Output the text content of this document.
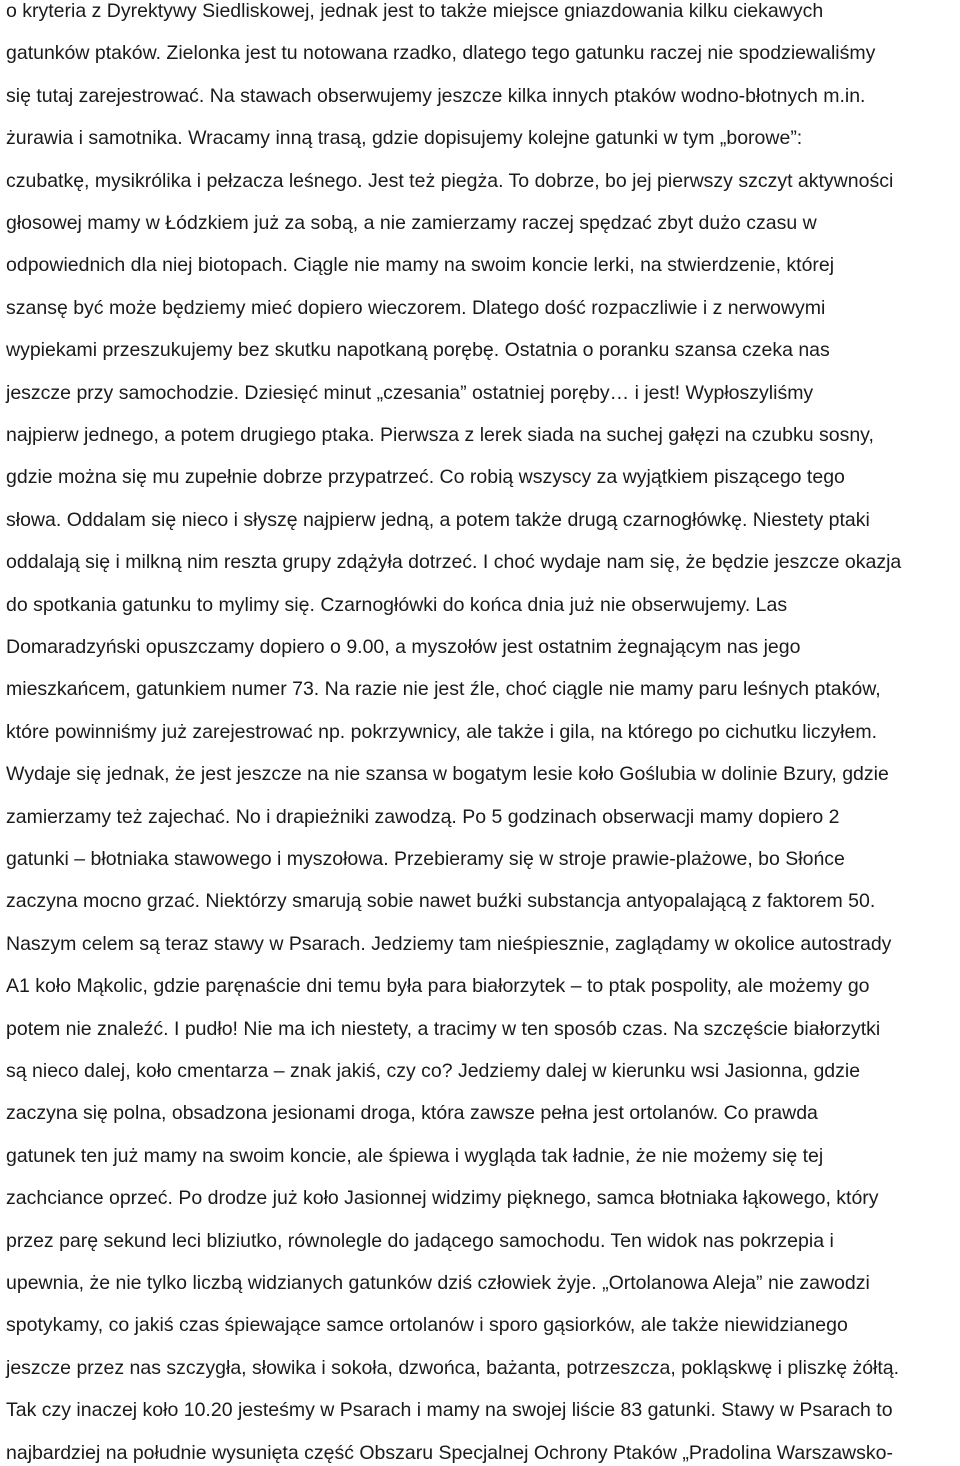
o kryteria z Dyrektywy Siedliskowej, jednak jest to także miejsce gniazdowania kilku ciekawych
gatunków ptaków. Zielonka jest tu notowana rzadko, dlatego tego gatunku raczej nie spodziewaliśmy
się tutaj zarejestrować. Na stawach obserwujemy jeszcze kilka innych ptaków wodno-błotnych m.in.
żurawia i samotnika. Wracamy inną trasą, gdzie dopisujemy kolejne gatunki w tym „borowe”:
czubatkę, mysikrólika i pełzacza leśnego. Jest też piegża. To dobrze, bo jej pierwszy szczyt aktywności
głosowej mamy w Łódzkiem już za sobą, a nie zamierzamy raczej spędzać zbyt dużo czasu w
odpowiednich dla niej biotopach. Ciągle nie mamy na swoim koncie lerki, na stwierdzenie, której
szansę być może będziemy mieć dopiero wieczorem. Dlatego dość rozpaczliwie i z nerwowymi
wypiekami przeszukujemy bez skutku napotkaną porębę. Ostatnia o poranku szansa czeka nas
jeszcze przy samochodzie. Dziesięć minut „czesania” ostatniej poręby… i jest! Wypłoszyliśmy
najpierw jednego, a potem drugiego ptaka. Pierwsza z lerek siada na suchej gałęzi na czubku sosny,
gdzie można się mu zupełnie dobrze przypatrzeć. Co robią wszyscy za wyjątkiem piszącego tego
słowa. Oddalam się nieco i słyszę najpierw jedną, a potem także drugą czarnogłówkę. Niestety ptaki
oddalają się i milkną nim reszta grupy zdążyła dotrzeć. I choć wydaje nam się, że będzie jeszcze okazja
do spotkania gatunku to mylimy się. Czarnogłówki do końca dnia już nie obserwujemy. Las
Domaradzyński opuszczamy dopiero o 9.00, a myszołów jest ostatnim żegnającym nas jego
mieszkańcem, gatunkiem numer 73. Na razie nie jest źle, choć ciągle nie mamy paru leśnych ptaków,
które powinniśmy już zarejestrować np. pokrzywnicy, ale także i gila, na którego po cichutku liczyłem.
Wydaje się jednak, że jest jeszcze na nie szansa w bogatym lesie koło Goślubia w dolinie Bzury, gdzie
zamierzamy też zajechać. No i drapieżniki zawodzą. Po 5 godzinach obserwacji mamy dopiero 2
gatunki – błotniaka stawowego i myszołowa. Przebieramy się w stroje prawie-plażowe, bo Słońce
zaczyna mocno grzać. Niektórzy smarują sobie nawet buźki substancja antyopalającą z faktorem 50.
Naszym celem są teraz stawy w Psarach. Jedziemy tam nieśpiesznie, zaglądamy w okolice autostrady
A1 koło Mąkolic, gdzie paręnaście dni temu była para białorzytek – to ptak pospolity, ale możemy go
potem nie znaleźć. I pudło! Nie ma ich niestety, a tracimy w ten sposób czas. Na szczęście białorzytki
są nieco dalej, koło cmentarza – znak jakiś, czy co? Jedziemy dalej w kierunku wsi Jasionna, gdzie
zaczyna się polna, obsadzona jesionami droga, która zawsze pełna jest ortolanów. Co prawda
gatunek ten już mamy na swoim koncie, ale śpiewa i wygląda tak ładnie, że nie możemy się tej
zachciance oprzeć. Po drodze już koło Jasionnej widzimy pięknego, samca błotniaka łąkowego, który
przez parę sekund leci bliziutko, równolegle do jadącego samochodu. Ten widok nas pokrzepia i
upewnia, że nie tylko liczbą widzianych gatunków dziś człowiek żyje. „Ortolanowa Aleja” nie zawodzi
spotykamy, co jakiś czas śpiewające samce ortolanów i sporo gąsiorków, ale także niewidzianego
jeszcze przez nas szczygła, słowika i sokoła, dzwońca, bażanta, potrzeszcza, pokląskwę i pliszkę żółtą.
Tak czy inaczej koło 10.20 jesteśmy w Psarach i mamy na swojej liście 83 gatunki. Stawy w Psarach to
najbardziej na południe wysunięta część Obszaru Specjalnej Ochrony Ptaków „Pradolina Warszawsko-
